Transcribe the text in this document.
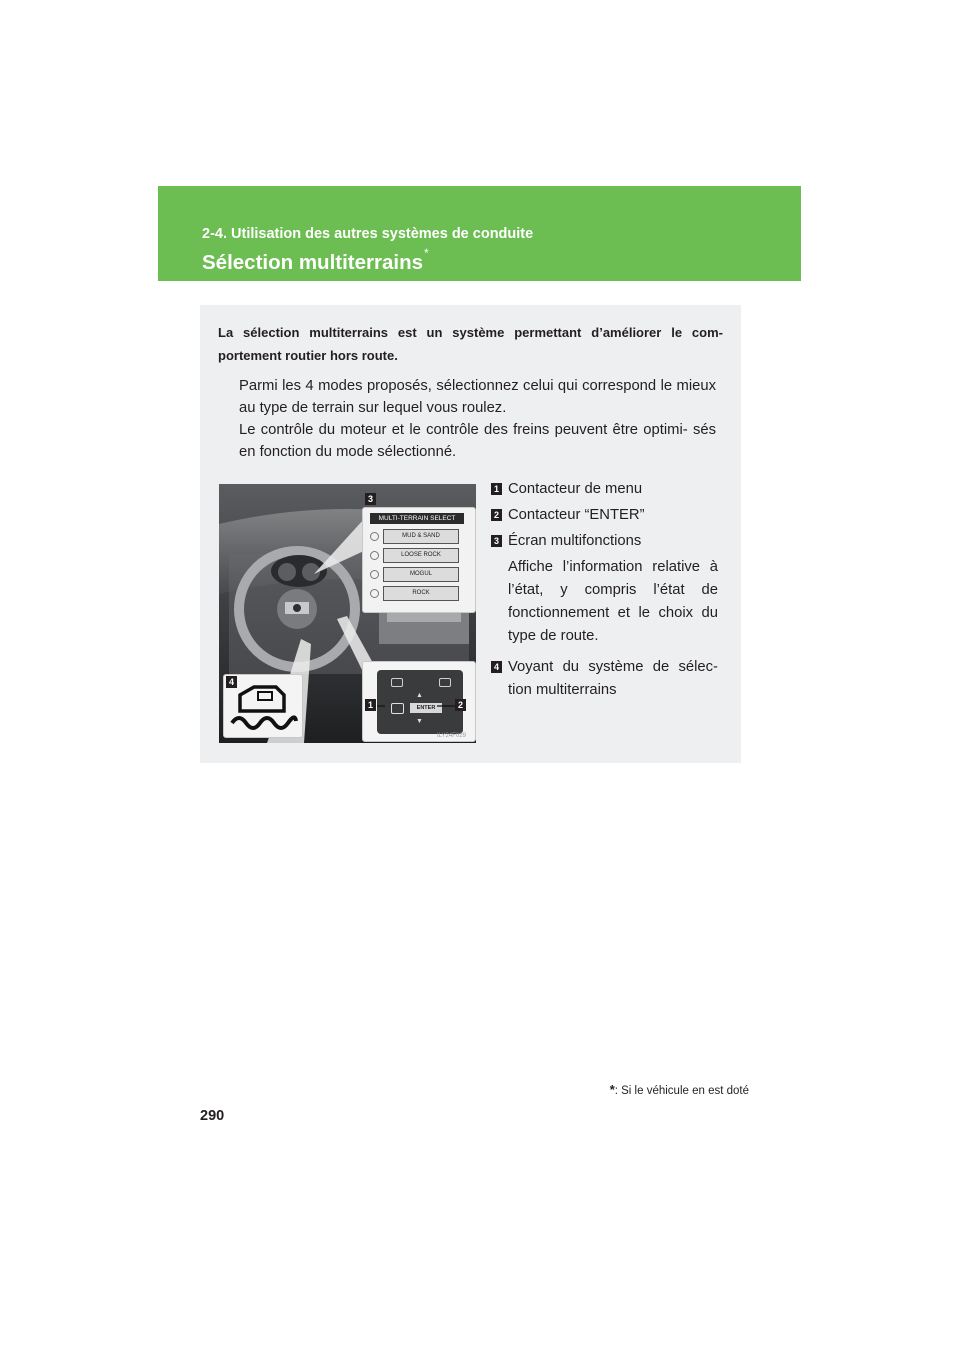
2-4. Utilisation des autres systèmes de conduite
Sélection multiterrains*
La sélection multiterrains est un système permettant d’améliorer le com- portement routier hors route.

Parmi les 4 modes proposés, sélectionnez celui qui correspond le mieux au type de terrain sur lequel vous roulez.

Le contrôle du moteur et le contrôle des freins peuvent être optimi- sés en fonction du mode sélectionné.

MULTI-TERRAIN SELECT
MUD & SAND
LOOSE ROCK
MOGUL
ROCK
▲
ENTER
▼
3
1	2
4
ILY24F029
1 Contacteur de menu
2 Contacteur “ENTER”
3 Écran multifonctions
Affiche l’information relative à l’état, y compris l’état de fonctionnement et le choix du type de route.
4 Voyant du système de sélec- tion multiterrains
*: Si le véhicule en est doté
290
